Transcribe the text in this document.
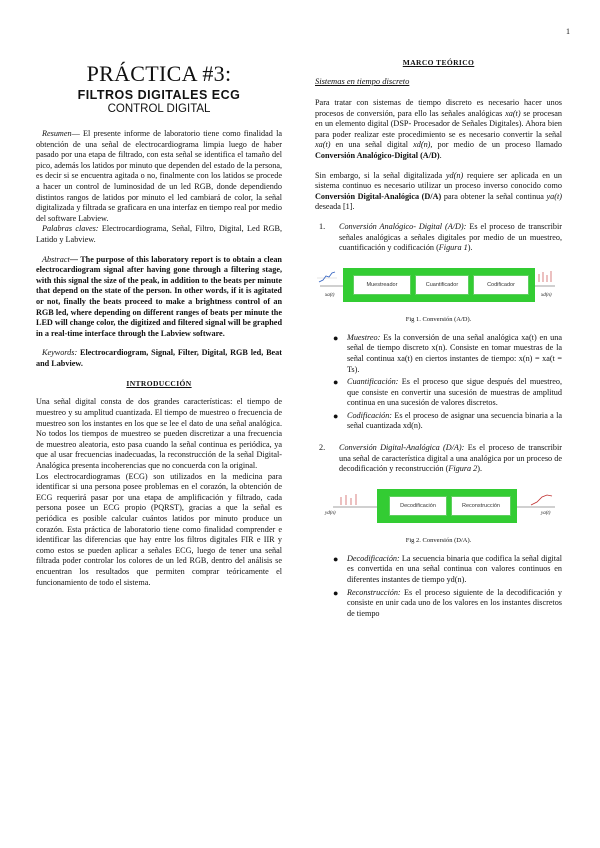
1
PRÁCTICA #3:
FILTROS DIGITALES ECG
CONTROL DIGITAL

Resumen— El presente informe de laboratorio tiene como finalidad la obtención de una señal de electrocardiograma limpia luego de haber pasado por una etapa de filtrado, con esta señal se identifica el tamaño del pico, además los latidos por minuto que dependen del estado de la persona, es decir si se encuentra agitada o no, finalmente con los latidos se procede a hacer un control de luminosidad de un led RGB, donde dependiendo distintos rangos de latidos por minuto el led cambiará de color, la señal digitalizada y filtrada se graficara en una interfaz en tiempo real por medio del software Labview.

Palabras claves: Electrocardiograma, Señal, Filtro, Digital, Led RGB, Latido y Labview.

Abstract— The purpose of this laboratory report is to obtain a clean electrocardiogram signal after having gone through a filtering stage, with this signal the size of the peak, in addition to the beats per minute that depend on the state of the person. In other words, if it is agitated or not, finally the beats proceed to make a brightness control of an RGB led, where depending on different ranges of beats per minute the LED will change color, the digitized and filtered signal will be graphed in a real-time interface through the Labview software.

Keywords: Electrocardiogram, Signal, Filter, Digital, RGB led, Beat and Labview.

INTRODUCCIÓN

Una señal digital consta de dos grandes características: el tiempo de muestreo y su amplitud cuantizada. El tiempo de muestreo o frecuencia de muestreo son los instantes en los que se lee el dato de una señal analógica. No todos los tiempos de muestreo se pueden discretizar a una frecuencia de muestreo aleatoria, esto pasa cuando la señal continua es periódica, ya que al usar frecuencias inadecuadas, la reconstrucción de la señal Digital-Analógica presenta incoherencias que no concuerda con la original.

Los electrocardiogramas (ECG) son utilizados en la medicina para identificar si una persona posee problemas en el corazón, la obtención de ECG requerirá pasar por una etapa de amplificación y filtrado, cada persona posee un ECG propio (PQRST), gracias a que la señal es periódica es posible calcular cuántos latidos por minuto produce un corazón. Esta práctica de laboratorio tiene como finalidad comprender e identificar las diferencias que hay entre los filtros digitales FIR e IIR y como estos se pueden aplicar a señales ECG, luego de tener una señal filtrada poder controlar los colores de un led RGB, dentro del análisis se encuentran los resultados que permiten comprar teóricamente el funcionamiento de todo el sistema.

MARCO TEÓRICO
Sistemas en tiempo discreto

Para tratar con sistemas de tiempo discreto es necesario hacer unos procesos de conversión, para ello las señales analógicas xa(t) se procesan en un elemento digital (DSP- Procesador de Señales Digitales). Ahora bien para poder realizar este procedimiento se es necesario convertir la señal xa(t) en una señal digital xd(n), por medio de un proceso llamado Conversión Analógico-Digital (A/D).

Sin embargo, si la señal digitalizada yd(n) requiere ser aplicada en un sistema continuo es necesario utilizar un proceso inverso conocido como Conversión Digital-Analógica (D/A) para obtener la señal continua ya(t) deseada [1].

1.	Conversión Analógico- Digital (A/D): Es el proceso de transcribir señales analógicas a señales digitales por medio de un muestreo, cuantificación y codificación (Figura 1).
Muestreador	Cuantificador	Codificador
xa(t)	xd(n)
Fig 1. Conversión (A/D).
●	Muestreo: Es la conversión de una señal analógica xa(t) en una señal de tiempo discreto x(n). Consiste en tomar muestras de la señal continua xa(t) en ciertos instantes de tiempo: x(n) = xa(t = Ts).
●	Cuantificación: Es el proceso que sigue después del muestreo, que consiste en convertir una sucesión de muestras de amplitud continua en una sucesión de valores discretos.
●	Codificación: Es el proceso de asignar una secuencia binaria a la señal cuantizada xd(n).
2.	Conversión Digital-Analógica (D/A): Es el proceso de transcribir una señal de característica digital a una analógica por un proceso de decodificación y reconstrucción (Figura 2).
Decodificación	Reconstrucción
yd(n)	ya(t)
Fig 2. Conversión (D/A).
●	Decodificación: La secuencia binaria que codifica la señal digital es convertida en una señal continua con valores continuos en diferentes instantes de tiempo yd(n).
●	Reconstrucción: Es el proceso siguiente de la decodificación y consiste en unir cada uno de los valores en los instantes discretos de tiempo
